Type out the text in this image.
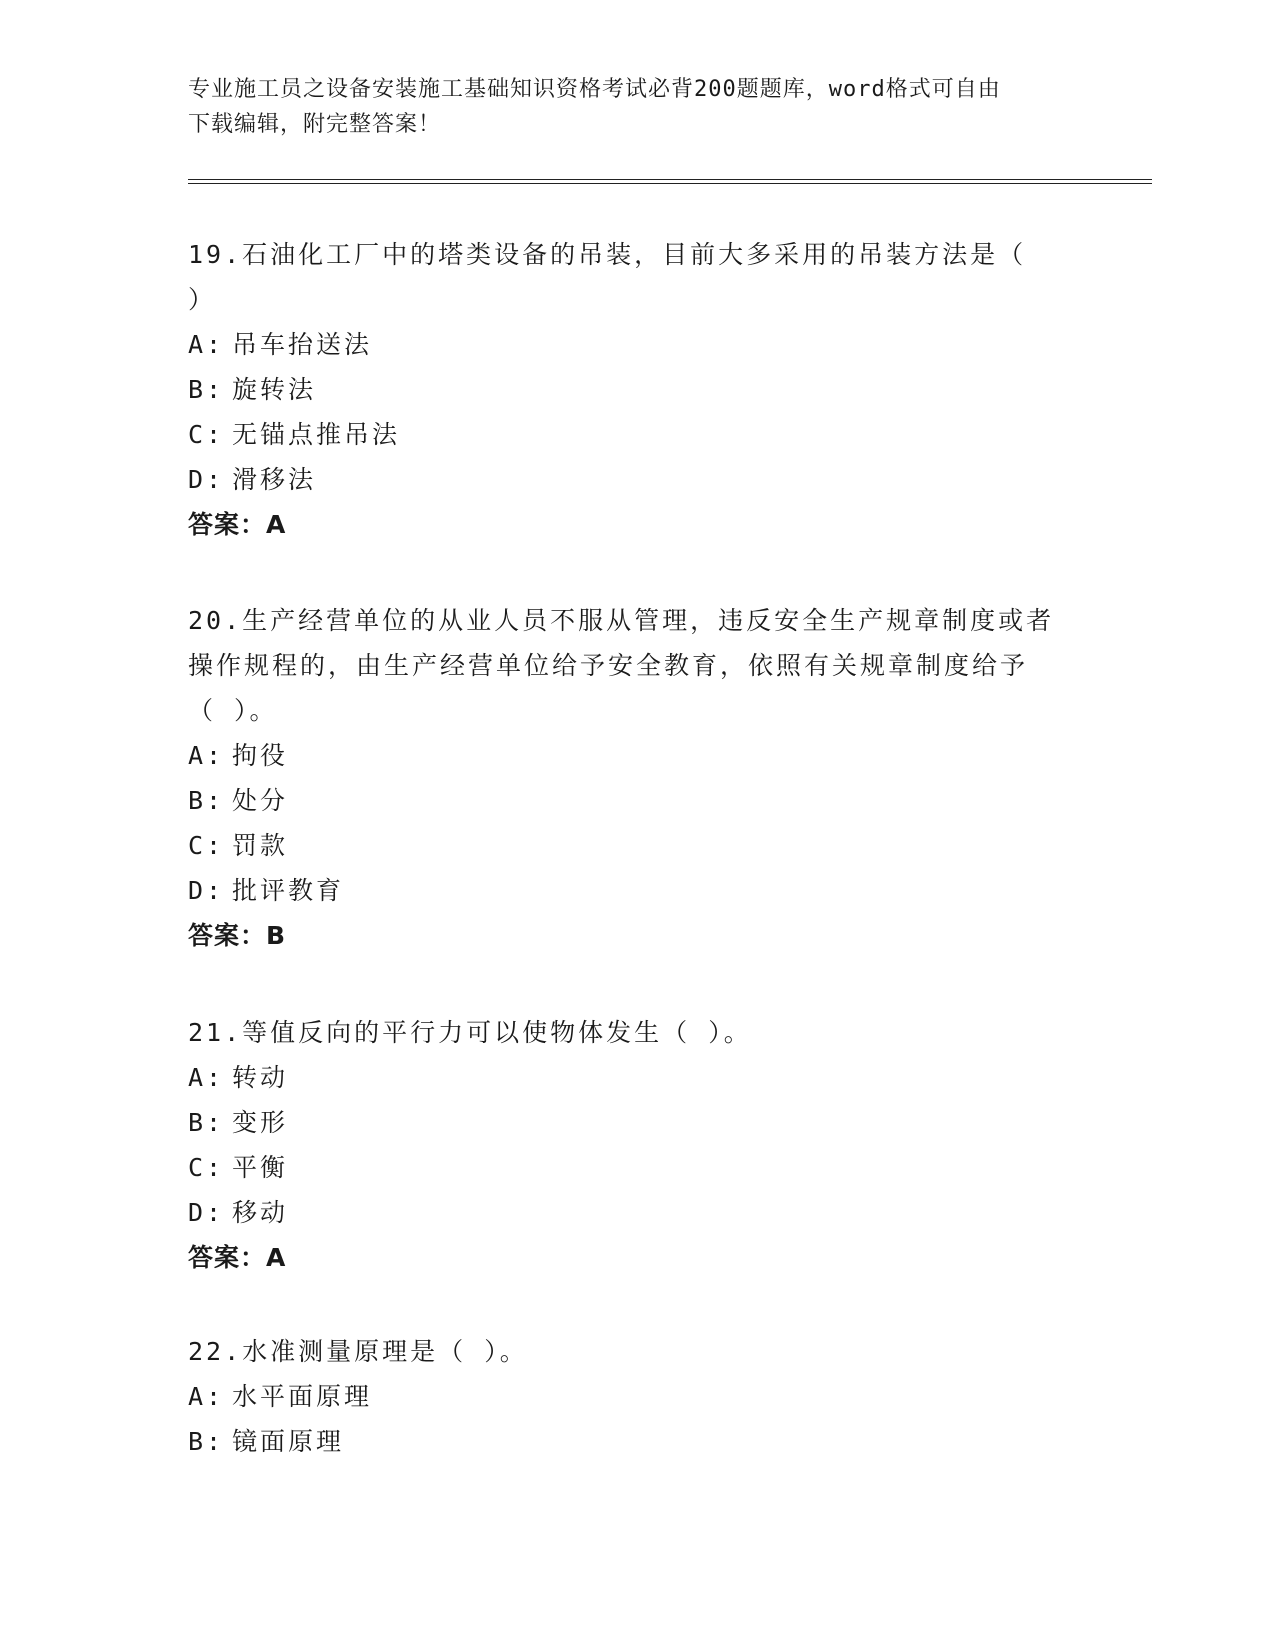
专业施工员之设备安装施工基础知识资格考试必背200题题库，word格式可自由
下载编辑，附完整答案！

19.石油化工厂中的塔类设备的吊装，目前大多采用的吊装方法是（

）

A: 吊车抬送法

B: 旋转法

C: 无锚点推吊法

D: 滑移法

答案：A

20.生产经营单位的从业人员不服从管理，违反安全生产规章制度或者

操作规程的，由生产经营单位给予安全教育，依照有关规章制度给予

（ ）。

A: 拘役

B: 处分

C: 罚款

D: 批评教育

答案：B

21.等值反向的平行力可以使物体发生（ ）。

A: 转动

B: 变形

C: 平衡

D: 移动

答案：A

22.水准测量原理是（ ）。

A: 水平面原理

B: 镜面原理
